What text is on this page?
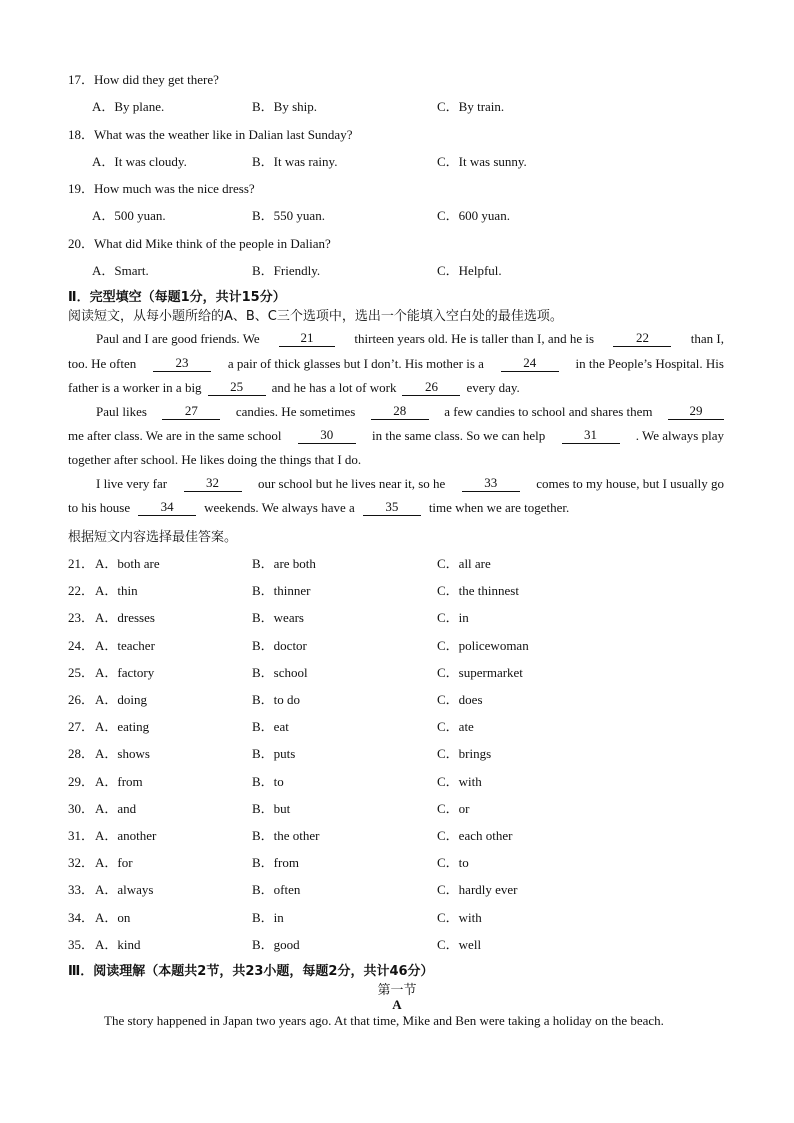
17．How did they get there?
A．By plane.	B．By ship.	C．By train.
18．What was the weather like in Dalian last Sunday?
A．It was cloudy.	B．It was rainy.	C．It was sunny.
19．How much was the nice dress?
A．500 yuan.	B．550 yuan.	C．600 yuan.
20．What did Mike think of the people in Dalian?
A．Smart.	B．Friendly.	C．Helpful.
Ⅱ．完型填空（每题1分，共计15分）
阅读短文，从每小题所给的A、B、C三个选项中，选出一个能填入空白处的最佳选项。
Paul and I are good friends. We	21	thirteen years old. He is taller than I, and he is	22	than I,
too. He often	23	a pair of thick glasses but I don’t. His mother is a	24	in the People’s Hospital. His
father is a worker in a big	25	and he has a lot of work	26	every day.
Paul likes	27	candies. He sometimes	28	a few candies to school and shares them	29
me after class. We are in the same school	30	in the same class. So we can help	31	. We always play
together after school. He likes doing the things that I do.
I live very far	32	our school but he lives near it, so he	33	comes to my house, but I usually go
to his house	34	weekends. We always have a	35	time when we are together.
根据短文内容选择最佳答案。
21． A．both are	B．are both	C．all are
22． A．thin	B．thinner	C．the thinnest
23． A．dresses	B．wears	C．in
24． A．teacher	B．doctor	C．policewoman
25． A．factory	B．school	C．supermarket
26． A．doing	B．to do	C．does
27． A．eating	B．eat	C．ate
28． A．shows	B．puts	C．brings
29． A．from	B．to	C．with
30． A．and	B．but	C．or
31． A．another	B．the other	C．each other
32． A．for	B．from	C．to
33． A．always	B．often	C．hardly ever
34． A．on	B．in	C．with
35． A．kind	B．good	C．well
Ⅲ．阅读理解（本题共2节，共23小题，每题2分，共计46分）
第一节
A
The story happened in Japan two years ago. At that time, Mike and Ben were taking a holiday on the beach.
